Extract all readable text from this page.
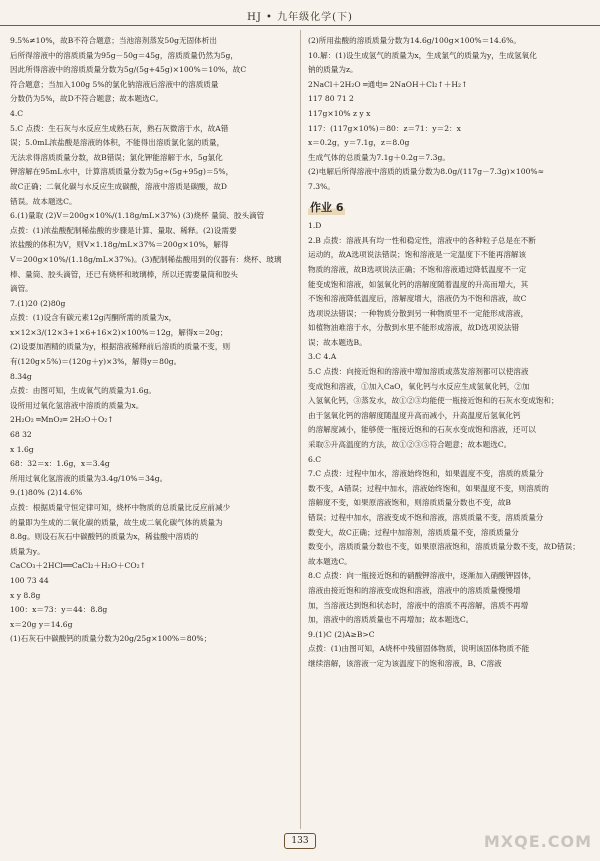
HJ • 九年级化学(下)

9.5%≠10%，故B不符合题意；当池溶剂蒸发50g无固体析出

后所得溶液中的溶质质量为95g－50g＝45g，溶质质量仍然为5g，

因此所得溶液中的溶质质量分数为5g/(5g+45g)×100%＝10%，故C

符合题意；当加入100g 5%的氯化钠溶液后溶液中的溶质质量

分数仍为5%，故D不符合题意；故本题选C。

4.C

5.C 点拨：生石灰与水反应生成熟石灰，熟石灰微溶于水，故A错

误；5.0mL浓盐酸是溶液的体积，不能得出溶质氯化氢的质量，

无法求得溶质质量分数，故B错误；氯化钾能溶解于水，5g氯化

钾溶解在95mL水中，计算溶质质量分数为5g÷(5g+95g)＝5%，

故C正确；二氧化碳与水反应生成碳酸，溶液中溶质是碳酸，故D

错误。故本题选C。

6.(1)量取 (2)V＝200g×10%/(1.18g/mL×37%) (3)烧杯 量筒、胶头滴管

点拨：(1)浓盐酸配制稀盐酸的步骤是计算、量取、稀释。(2)设需要

浓盐酸的体积为V，则V×1.18g/mL×37%＝200g×10%，解得

V＝200g×10%/(1.18g/mL×37%)。(3)配制稀盐酸用到的仪器有：烧杯、玻璃

棒、量筒、胶头滴管，还已有烧杯和玻璃棒，所以还需要量筒和胶头

滴管。

7.(1)20 (2)80g

点拨：(1)设含有碳元素12g丙酮所需的质量为x，

x×12×3/(12×3+1×6+16×2)×100%＝12g，解得x＝20g；

(2)设要加酒精的质量为y，根据溶液稀释前后溶质的质量不变，则

有(120g×5%)＝(120g＋y)×3%，解得y＝80g。

8.34g

点拨：由图可知，生成氧气的质量为1.6g。

设所用过氧化氢溶液中溶质的质量为x。

2H₂O₂ ═MnO₂═ 2H₂O＋O₂↑

68 32

x 1.6g

68：32＝x：1.6g，x＝3.4g

所用过氧化氢溶液的质量为3.4g/10%＝34g。

9.(1)80% (2)14.6%

点拨：根据质量守恒定律可知，烧杯中物质的总质量比反应前减少

的量即为生成的二氧化碳的质量，故生成二氧化碳气体的质量为

8.8g。则设石灰石中碳酸钙的质量为x，稀盐酸中溶质的

质量为y。

CaCO₃＋2HCl══CaCl₂＋H₂O＋CO₂↑

100 73 44

x y 8.8g

100：x＝73：y＝44：8.8g

x＝20g y＝14.6g

(1)石灰石中碳酸钙的质量分数为20g/25g×100%＝80%；

(2)所用盐酸的溶质质量分数为14.6g/100g×100%＝14.6%。

10.解：(1)设生成氢气的质量为x，生成氯气的质量为y，生成氢氧化

钠的质量为z。

2NaCl＋2H₂O ═通电═ 2NaOH＋Cl₂↑＋H₂↑

117 80 71 2

117g×10% z y x

117：(117g×10%)＝80：z＝71：y＝2：x

x＝0.2g，y＝7.1g，z＝8.0g

生成气体的总质量为7.1g＋0.2g＝7.3g。

(2)电解后所得溶液中溶质的质量分数为8.0g/(117g－7.3g)×100%≈

7.3%。

作业 6

1.D

2.B 点拨：溶液具有均一性和稳定性，溶液中的各种粒子总是在不断

运动的，故A选项说法错误；饱和溶液是一定温度下不能再溶解该

物质的溶液，故B选项说法正确；不饱和溶液通过降低温度不一定

能变成饱和溶液，如氢氧化钙的溶解度随着温度的升高而增大，其

不饱和溶液降低温度后，溶解度增大，溶液仍为不饱和溶液，故C

选项说法错误；一种物质分散到另一种物质里不一定能形成溶液，

如植物油难溶于水，分散到水里不能形成溶液，故D选项说法错

误；故本题选B。

3.C 4.A

5.C 点拨：向接近饱和的溶液中增加溶质或蒸发溶剂都可以使溶液

变成饱和溶液，①加入CaO，氧化钙与水反应生成氢氧化钙，②加

入氢氧化钙，③蒸发水，故①②③均能使一瓶接近饱和的石灰水变成饱和；

由于氢氧化钙的溶解度随温度升高而减小，升高温度后氢氧化钙

的溶解度减小，能够使一瓶接近饱和的石灰水变成饱和溶液，还可以

采取⑤升高温度的方法，故①②③⑤符合题意；故本题选C。

6.C

7.C 点拨：过程中加水，溶液始终饱和，如果温度不变，溶质的质量分

数不变，A错误；过程中加水，溶液始终饱和，如果温度不变，则溶质的

溶解度不变，如果原溶液饱和，则溶质质量分数也不变，故B

错误；过程中加水，溶液变成不饱和溶液，溶质质量不变，溶质质量分

数变大，故C正确；过程中加溶剂，溶质质量不变，溶质质量分

数变小，溶质质量分数也不变，如果原溶液饱和，溶质质量分数不变，故D错误；

故本题选C。

8.C 点拨：向一瓶接近饱和的硝酸钾溶液中，逐渐加入硝酸钾固体，

溶液由接近饱和的溶液变成饱和溶液，溶液中的溶质质量慢慢增

加，当溶液达到饱和状态时，溶液中的溶质不再溶解，溶质不再增

加，溶液中的溶质质量也不再增加；故本题选C。

9.(1)C (2)A≥B>C

点拨：(1)由图可知，A烧杯中残留固体物质，说明该固体物质不能

继续溶解，该溶液一定为该温度下的饱和溶液，B、C溶液

133	MXQE.COM
